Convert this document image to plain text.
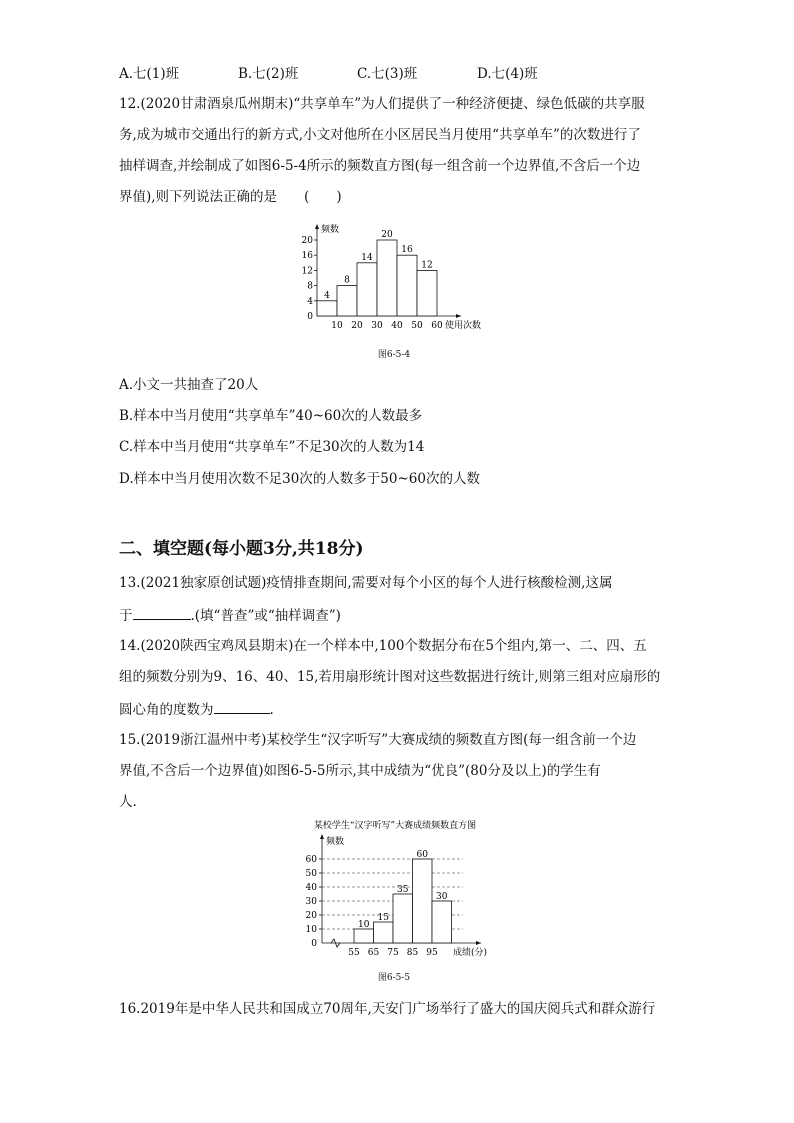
A.七(1)班	B.七(2)班	C.七(3)班	D.七(4)班
12.(2020甘肃酒泉瓜州期末)“共享单车”为人们提供了一种经济便捷、绿色低碳的共享服
务,成为城市交通出行的新方式,小文对他所在小区居民当月使用“共享单车”的次数进行了
抽样调查,并绘制成了如图6-5-4所示的频数直方图(每一组含前一个边界值,不含后一个边
界值),则下列说法正确的是　　(　　)
频数
0
4
8
12
16
20
10 20 30 40 50 60 使用次数
4
8
14
20
16
12
图6-5-4
A.小文一共抽查了20人
B.样本中当月使用“共享单车”40~60次的人数最多
C.样本中当月使用“共享单车”不足30次的人数为14
D.样本中当月使用次数不足30次的人数多于50~60次的人数
二、填空题(每小题3分,共18分)
13.(2021独家原创试题)疫情排查期间,需要对每个小区的每个人进行核酸检测,这属
于	.(填“普查”或“抽样调查”)
14.(2020陕西宝鸡凤县期末)在一个样本中,100个数据分布在5个组内,第一、二、四、五
组的频数分别为9、16、40、15,若用扇形统计图对这些数据进行统计,则第三组对应扇形的
圆心角的度数为	.
15.(2019浙江温州中考)某校学生“汉字听写”大赛成绩的频数直方图(每一组含前一个边
界值,不含后一个边界值)如图6-5-5所示,其中成绩为“优良”(80分及以上)的学生有
人.
某校学生“汉字听写”大赛成绩频数直方图
0
10
20
30
40
50
60
频数
10
15
35
60
30
55 65 75 85 95 成绩(分)
图6-5-5
16.2019年是中华人民共和国成立70周年,天安门广场举行了盛大的国庆阅兵式和群众游行
